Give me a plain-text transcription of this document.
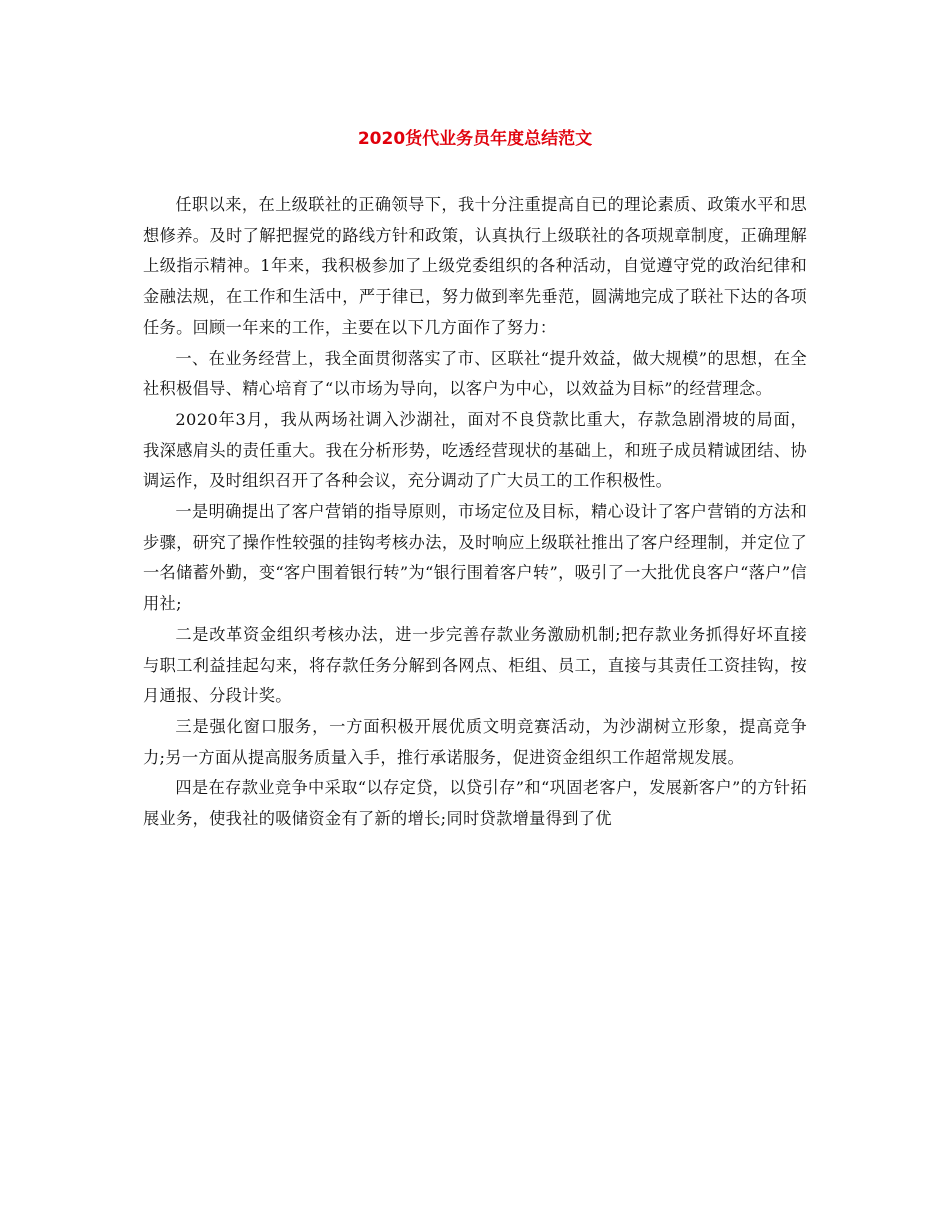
2020货代业务员年度总结范文

任职以来，在上级联社的正确领导下，我十分注重提高自已的理论素质、政策水平和思想修养。及时了解把握党的路线方针和政策，认真执行上级联社的各项规章制度，正确理解上级指示精神。1年来，我积极参加了上级党委组织的各种活动，自觉遵守党的政治纪律和金融法规，在工作和生活中，严于律已，努力做到率先垂范，圆满地完成了联社下达的各项任务。回顾一年来的工作，主要在以下几方面作了努力：

一、在业务经营上，我全面贯彻落实了市、区联社“提升效益，做大规模”的思想，在全社积极倡导、精心培育了“以市场为导向，以客户为中心，以效益为目标”的经营理念。

2020年3月，我从两场社调入沙湖社，面对不良贷款比重大，存款急剧滑坡的局面，我深感肩头的责任重大。我在分析形势，吃透经营现状的基础上，和班子成员精诚团结、协调运作，及时组织召开了各种会议，充分调动了广大员工的工作积极性。

一是明确提出了客户营销的指导原则，市场定位及目标，精心设计了客户营销的方法和步骤，研究了操作性较强的挂钩考核办法，及时响应上级联社推出了客户经理制，并定位了一名储蓄外勤，变“客户围着银行转”为“银行围着客户转”，吸引了一大批优良客户“落户”信用社;

二是改革资金组织考核办法，进一步完善存款业务激励机制;把存款业务抓得好坏直接与职工利益挂起勾来，将存款任务分解到各网点、柜组、员工，直接与其责任工资挂钩，按月通报、分段计奖。

三是强化窗口服务，一方面积极开展优质文明竞赛活动，为沙湖树立形象，提高竞争力;另一方面从提高服务质量入手，推行承诺服务，促进资金组织工作超常规发展。

四是在存款业竞争中采取“以存定贷，以贷引存”和“巩固老客户，发展新客户”的方针拓展业务，使我社的吸储资金有了新的增长;同时贷款增量得到了优
